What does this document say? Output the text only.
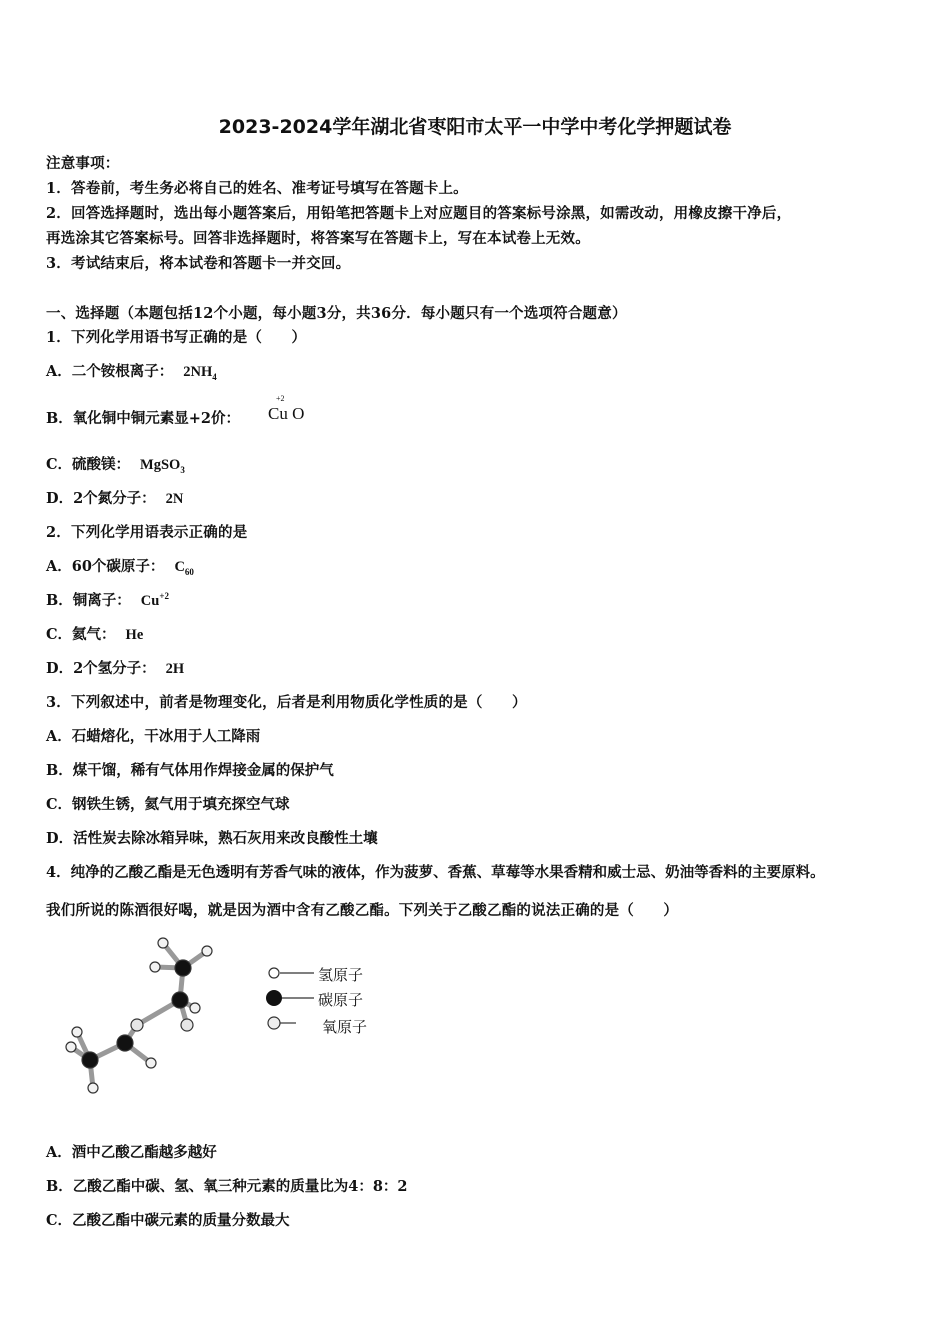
2023-2024学年湖北省枣阳市太平一中学中考化学押题试卷
注意事项：
1．答卷前，考生务必将自己的姓名、准考证号填写在答题卡上。
2．回答选择题时，选出每小题答案后，用铅笔把答题卡上对应题目的答案标号涂黑，如需改动，用橡皮擦干净后，
再选涂其它答案标号。回答非选择题时，将答案写在答题卡上，写在本试卷上无效。
3．考试结束后，将本试卷和答题卡一并交回。
一、选择题（本题包括12个小题，每小题3分，共36分．每小题只有一个选项符合题意）
1．下列化学用语书写正确的是（　　）
A．二个铵根离子： $2NH_4$
B．氧化铜中铜元素显+2价：
+2
Cu O
C．硫酸镁： MgSO$_3$
D．2个氮分子： 2N
2．下列化学用语表示正确的是
A．60个碳原子： $C_{60}$
B．铜离子： $Cu^{+2}$
C．氦气： He
D．2个氢分子： 2H
3．下列叙述中，前者是物理变化，后者是利用物质化学性质的是（　　）
A．石蜡熔化，干冰用于人工降雨
B．煤干馏，稀有气体用作焊接金属的保护气
C．钢铁生锈，氦气用于填充探空气球
D．活性炭去除冰箱异味，熟石灰用来改良酸性土壤
4．纯净的乙酸乙酯是无色透明有芳香气味的液体，作为菠萝、香蕉、草莓等水果香精和威士忌、奶油等香料的主要原料。
我们所说的陈酒很好喝，就是因为酒中含有乙酸乙酯。下列关于乙酸乙酯的说法正确的是（　　）
氢原子
碳原子
氧原子
A．酒中乙酸乙酯越多越好
B．乙酸乙酯中碳、氢、氧三种元素的质量比为4：8：2
C．乙酸乙酯中碳元素的质量分数最大
